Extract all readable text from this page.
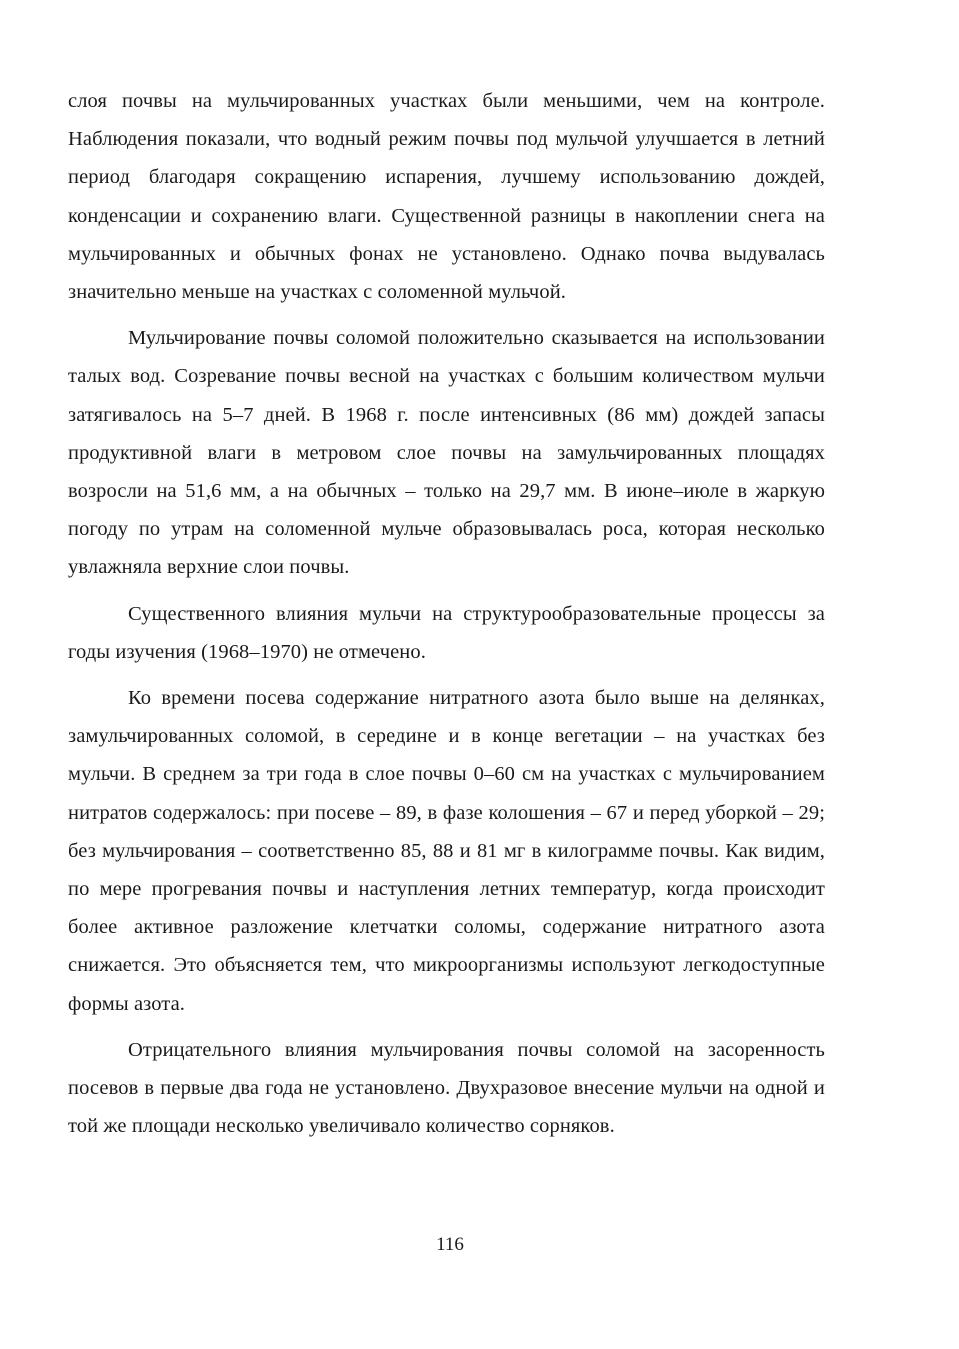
слоя почвы на мульчированных участках были меньшими, чем на контроле. Наблюдения показали, что водный режим почвы под мульчой улучшается в летний период благодаря сокращению испарения, лучшему использованию дождей, конденсации и сохранению влаги. Существенной разницы в накоплении снега на мульчированных и обычных фонах не установлено. Однако почва выдувалась значительно меньше на участках с соломенной мульчой.

Мульчирование почвы соломой положительно сказывается на использовании талых вод. Созревание почвы весной на участках с большим количеством мульчи затягивалось на 5–7 дней. В 1968 г. после интенсивных (86 мм) дождей запасы продуктивной влаги в метровом слое почвы на замульчированных площадях возросли на 51,6 мм, а на обычных – только на 29,7 мм. В июне–июле в жаркую погоду по утрам на соломенной мульче образовывалась роса, которая несколько увлажняла верхние слои почвы.

Существенного влияния мульчи на структурообразовательные процессы за годы изучения (1968–1970) не отмечено.

Ко времени посева содержание нитратного азота было выше на делянках, замульчированных соломой, в середине и в конце вегетации – на участках без мульчи. В среднем за три года в слое почвы 0–60 см на участках с мульчированием нитратов содержалось: при посеве – 89, в фазе колошения – 67 и перед уборкой – 29; без мульчирования – соответственно 85, 88 и 81 мг в килограмме почвы. Как видим, по мере прогревания почвы и наступления летних температур, когда происходит более активное разложение клетчатки соломы, содержание нитратного азота снижается. Это объясняется тем, что микроорганизмы используют легкодоступные формы азота.

Отрицательного влияния мульчирования почвы соломой на засоренность посевов в первые два года не установлено. Двухразовое внесение мульчи на одной и той же площади несколько увеличивало количество сорняков.

116
